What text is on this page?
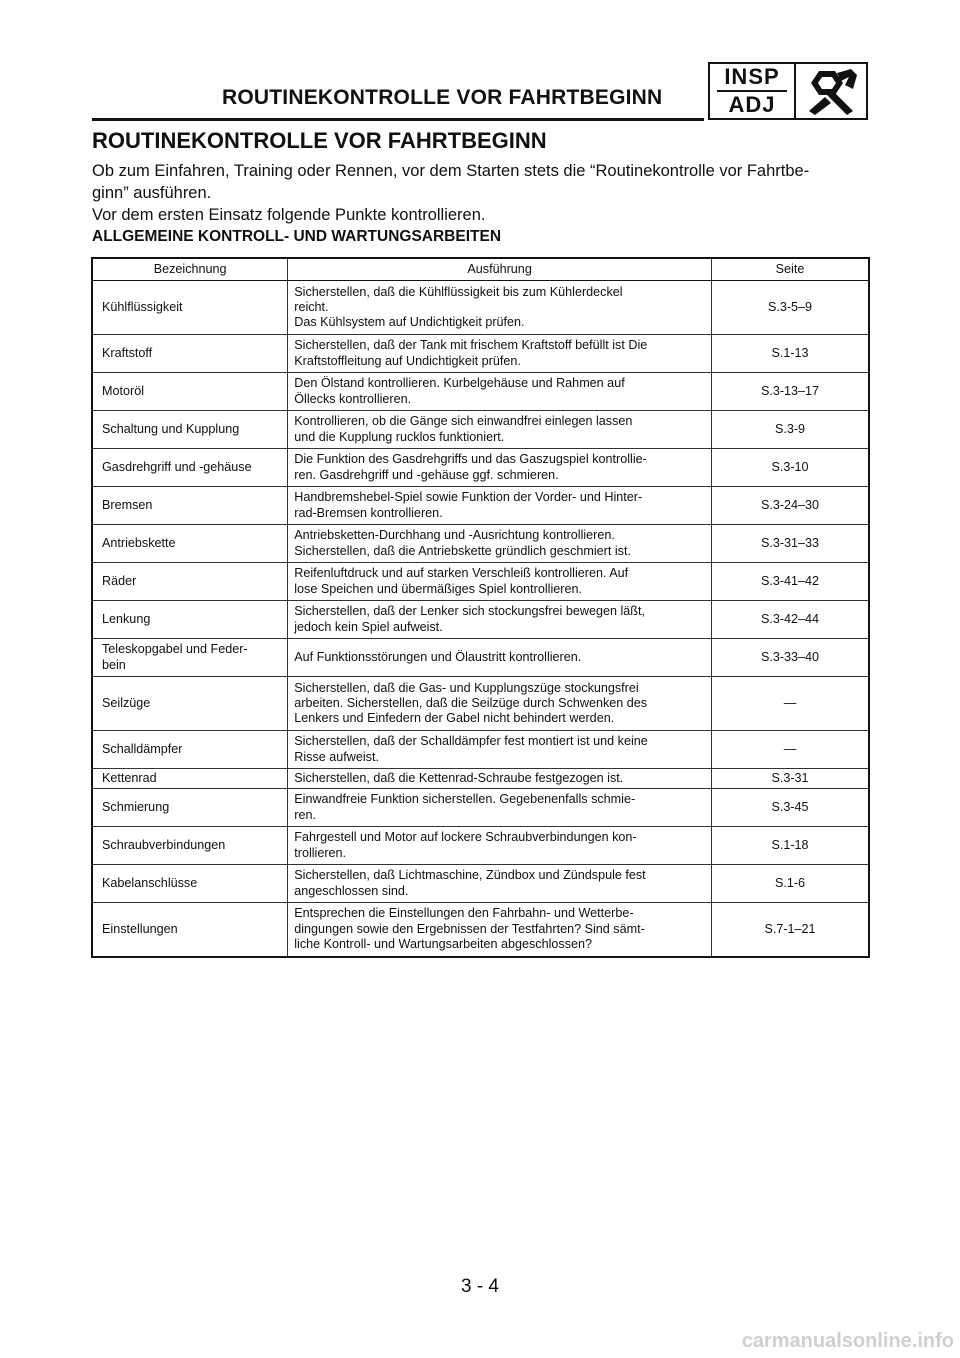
ROUTINEKONTROLLE VOR FAHRTBEGINN
INSP
ADJ
ROUTINEKONTROLLE VOR FAHRTBEGINN

Ob zum Einfahren, Training oder Rennen, vor dem Starten stets die “Routinekontrolle vor Fahrtbe-

ginn” ausführen.

Vor dem ersten Einsatz folgende Punkte kontrollieren.

ALLGEMEINE KONTROLL- UND WARTUNGSARBEITEN
Bezeichnung	Ausführung	Seite

Kühlflüssigkeit	Sicherstellen, daß die Kühlflüssigkeit bis zum Kühlerdeckel
reicht.
Das Kühlsystem auf Undichtigkeit prüfen.	S.3-5–9

Kraftstoff	Sicherstellen, daß der Tank mit frischem Kraftstoff befüllt ist Die
Kraftstoffleitung auf Undichtigkeit prüfen.	S.1-13

Motoröl	Den Ölstand kontrollieren. Kurbelgehäuse und Rahmen auf
Öllecks kontrollieren.	S.3-13–17

Schaltung und Kupplung	Kontrollieren, ob die Gänge sich einwandfrei einlegen lassen
und die Kupplung rucklos funktioniert.	S.3-9

Gasdrehgriff und -gehäuse	Die Funktion des Gasdrehgriffs und das Gaszugspiel kontrollie-
ren. Gasdrehgriff und -gehäuse ggf. schmieren.	S.3-10

Bremsen	Handbremshebel-Spiel sowie Funktion der Vorder- und Hinter-
rad-Bremsen kontrollieren.	S.3-24–30

Antriebskette	Antriebsketten-Durchhang und -Ausrichtung kontrollieren.
Sicherstellen, daß die Antriebskette gründlich geschmiert ist.	S.3-31–33

Räder	Reifenluftdruck und auf starken Verschleiß kontrollieren. Auf
lose Speichen und übermäßiges Spiel kontrollieren.	S.3-41–42

Lenkung	Sicherstellen, daß der Lenker sich stockungsfrei bewegen läßt,
jedoch kein Spiel aufweist.	S.3-42–44

Teleskopgabel und Feder-
bein	Auf Funktionsstörungen und Ölaustritt kontrollieren.	S.3-33–40

Seilzüge	Sicherstellen, daß die Gas- und Kupplungszüge stockungsfrei
arbeiten. Sicherstellen, daß die Seilzüge durch Schwenken des
Lenkers und Einfedern der Gabel nicht behindert werden.	—

Schalldämpfer	Sicherstellen, daß der Schalldämpfer fest montiert ist und keine
Risse aufweist.	—

Kettenrad	Sicherstellen, daß die Kettenrad-Schraube festgezogen ist.	S.3-31

Schmierung	Einwandfreie Funktion sicherstellen. Gegebenenfalls schmie-
ren.	S.3-45

Schraubverbindungen	Fahrgestell und Motor auf lockere Schraubverbindungen kon-
trollieren.	S.1-18

Kabelanschlüsse	Sicherstellen, daß Lichtmaschine, Zündbox und Zündspule fest
angeschlossen sind.	S.1-6

Einstellungen	Entsprechen die Einstellungen den Fahrbahn- und Wetterbe-
dingungen sowie den Ergebnissen der Testfahrten? Sind sämt-
liche Kontroll- und Wartungsarbeiten abgeschlossen?	S.7-1–21
3 - 4
carmanualsonline.info
